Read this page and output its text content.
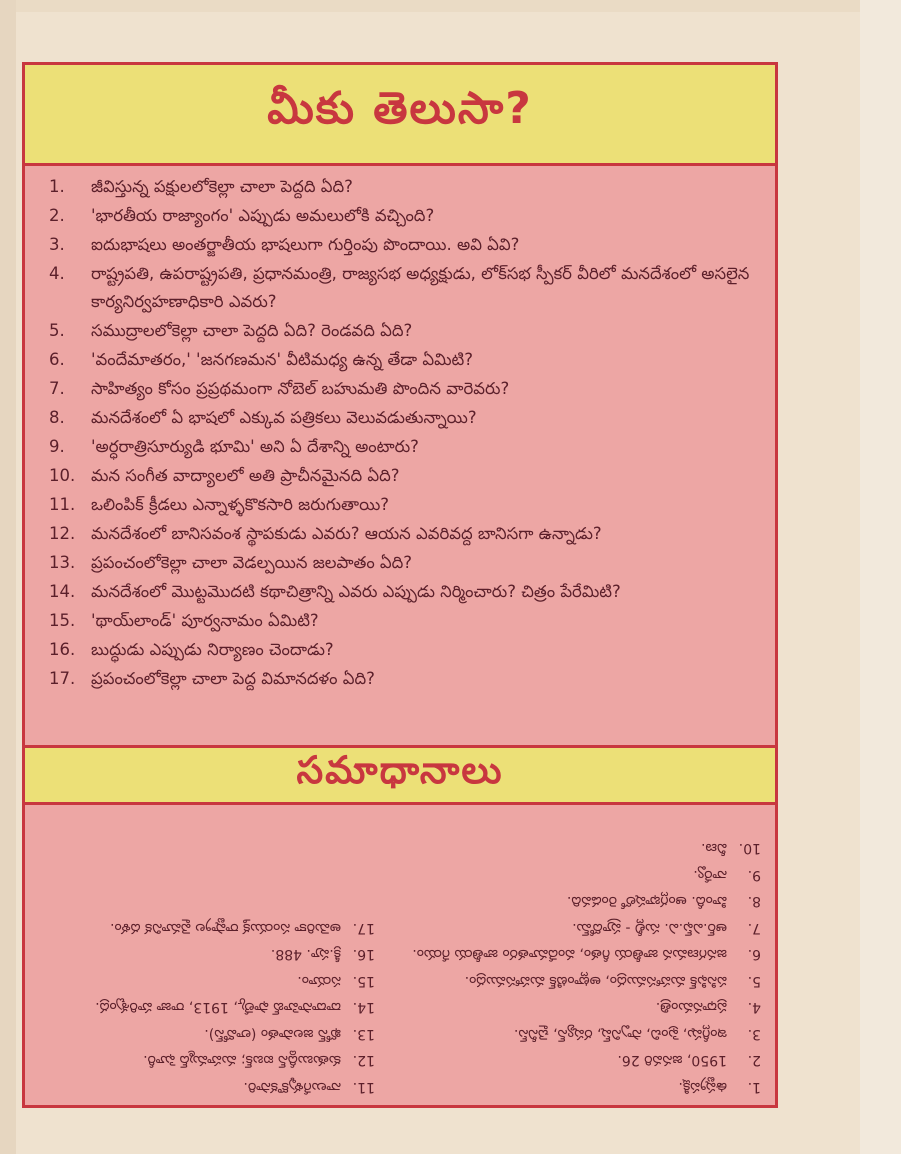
మీకు తెలుసా?
1.	జీవిస్తున్న పక్షులలోకెల్లా చాలా పెద్దది ఏది?
2.	'భారతీయ రాజ్యాంగం' ఎప్పుడు అమలులోకి వచ్చింది?
3.	ఐదుభాషలు అంతర్జాతీయ భాషలుగా గుర్తింపు పొందాయి. అవి ఏవి?
4.	రాష్ట్రపతి, ఉపరాష్ట్రపతి, ప్రధానమంత్రి, రాజ్యసభ అధ్యక్షుడు, లోక్‌సభ స్పీకర్ వీరిలో మనదేశంలో అసలైన కార్యనిర్వహణాధికారి ఎవరు?
5.	సముద్రాలలోకెల్లా చాలా పెద్దది ఏది? రెండవది ఏది?
6.	'వందేమాతరం,' 'జనగణమన' వీటిమధ్య ఉన్న తేడా ఏమిటి?
7.	సాహిత్యం కోసం ప్రప్రథమంగా నోబెల్ బహుమతి పొందిన వారెవరు?
8.	మనదేశంలో ఏ భాషలో ఎక్కువ పత్రికలు వెలువడుతున్నాయి?
9.	'అర్ధరాత్రిసూర్యుడి భూమి' అని ఏ దేశాన్ని అంటారు?
10. మన సంగీత వాద్యాలలో అతి ప్రాచీనమైనది ఏది?
11. ఒలింపిక్ క్రీడలు ఎన్నాళ్ళకొకసారి జరుగుతాయి?
12. మనదేశంలో బానిసవంశ స్థాపకుడు ఎవరు? ఆయన ఎవరివద్ద బానిసగా ఉన్నాడు?
13. ప్రపంచంలోకెల్లా చాలా వెడల్పయిన జలపాతం ఏది?
14. మనదేశంలో మొట్టమొదటి కథాచిత్రాన్ని ఎవరు ఎప్పుడు నిర్మించారు? చిత్రం పేరేమిటి?
15. 'థాయ్‌లాండ్' పూర్వనామం ఏమిటి?
16. బుద్ధుడు ఎప్పుడు నిర్యాణం చెందాడు?
17. ప్రపంచంలోకెల్లా చాలా పెద్ద విమానదళం ఏది?
సమాధానాలు
1.
ఉష్ట్రపక్షి.
2.
1950, జనవరి 26.
3.
ఇంగ్లీషు, ఫ్రెంచి, స్పానిష్, రష్యన్, చైనీస్.
4.
ప్రధానమంత్రి.
5.
పసిఫిక్ మహాసముద్రం, అట్లాంటిక్ మహాసముద్రం.
6.
జనగణమన జాతీయ గీతం, వందేమాతరం జాతీయ గేయం.
7.
ఆర్.ఎఫ్.ఎ. సుల్లీ - ప్రూదోమ్.
8.
హిందీ. ఆంగ్లభాషలో రెండవది.
9.
నార్వే.
10.
వీణ.
11.
నాలుగేళ్ళకొకసారి.
12.
కుతుబుద్దీన్ ఐబక్; మహమ్మద్ ఘోరీ.
13.
ఖోన్ జలపాతం (లావోస్).
14.
దాదాసాహెబ్ ఫాల్కే, 1913, రాజా హరిశ్చంద్ర.
15.
సయాం.
16.
క్రీ.పూ. 488.
17.
అమెరికా సంయుక్త రాష్ట్రాల వైమానిక దళం.
